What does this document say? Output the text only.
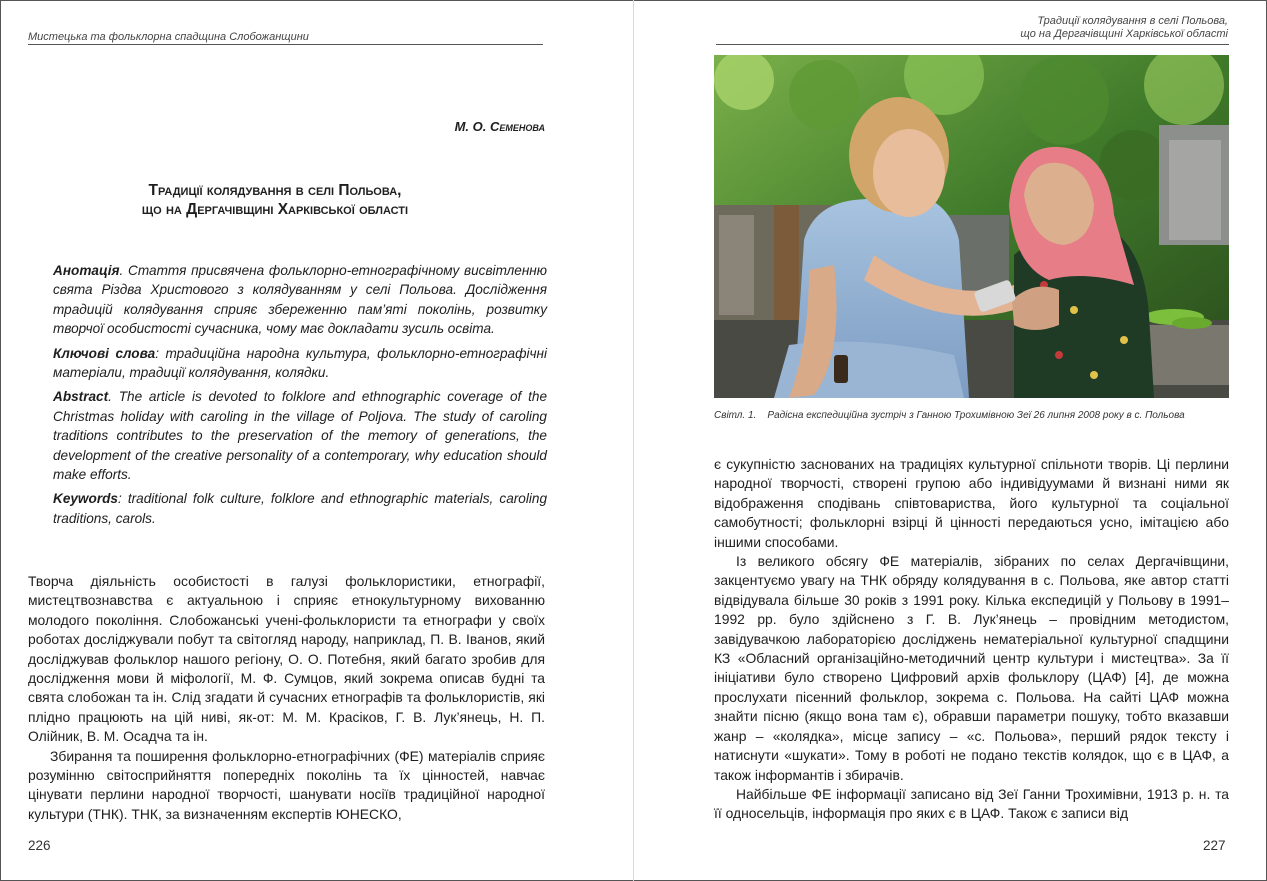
Мистецька та фольклорна спадщина Слобожанщини
М. О. Семенова
Традиції колядування в селі Польова,
що на Дергачівщині Харківської області

Анотація. Стаття присвячена фольклорно-етнографічному висвітленню свята Різдва Христового з колядуванням у селі Польова. Дослідження традицій колядування сприяє збереженню пам’яті поколінь, розвитку творчої особистості сучасника, чому має докладати зусиль освіта.

Ключові слова: традиційна народна культура, фольклорно-етнографічні матеріали, традиції колядування, колядки.

Abstract. The article is devoted to folklore and ethnographic coverage of the Christmas holiday with caroling in the village of Poljova. The study of caroling traditions contributes to the preservation of the memory of generations, the development of the creative personality of a contemporary, why education should make efforts.

Keywords: traditional folk culture, folklore and ethnographic materials, caroling traditions, carols.

Творча діяльність особистості в галузі фольклористики, етнографії, мистецтвознавства є актуальною і сприяє етнокультурному вихованню молодого покоління. Слобожанські учені-фольклористи та етнографи у своїх роботах досліджували побут та світогляд народу, наприклад, П. В. Іванов, який досліджував фольклор нашого регіону, О. О. Потебня, який багато зробив для дослідження мови й міфології, М. Ф. Сумцов, який зокрема описав будні та свята слобожан та ін. Слід згадати й сучасних етнографів та фольклористів, які плідно працюють на цій ниві, як-от: М. М. Красіков, Г. В. Лук’янець, Н. П. Олійник, В. М. Осадча та ін.

Збирання та поширення фольклорно-етнографічних (ФЕ) матеріалів сприяє розумінню світосприйняття попередніх поколінь та їх цінностей, навчає цінувати перлини народної творчості, шанувати носіїв традиційної народної культури (ТНК). ТНК, за визначенням експертів ЮНЕСКО,

226
Традиції колядування в селі Польова,
що на Дергачівщині Харківської області
Світл. 1.    Радісна експедиційна зустріч з Ганною Трохимівною Зеї 26 липня 2008 року в с. Польова

є сукупністю заснованих на традиціях культурної спільноти творів. Ці перлини народної творчості, створені групою або індивідуумами й визнані ними як відображення сподівань співтовариства, його культурної та соціальної самобутності; фольклорні взірці й цінності передаються усно, імітацією або іншими способами.

Із великого обсягу ФЕ матеріалів, зібраних по селах Дергачівщини, закцентуємо увагу на ТНК обряду колядування в с. Польова, яке автор статті відвідувала більше 30 років з 1991 року. Кілька експедицій у Польову в 1991–1992 рр. було здійснено з Г. В. Лук’янець – провідним методистом, завідувачкою лабораторією досліджень нематеріальної культурної спадщини КЗ «Обласний організаційно-методичний центр культури і мистецтва». За її ініціативи було створено Цифровий архів фольклору (ЦАФ) [4], де можна прослухати пісенний фольклор, зокрема с. Польова. На сайті ЦАФ можна знайти пісню (якщо вона там є), обравши параметри пошуку, тобто вказавши жанр – «колядка», місце запису – «с. Польова», перший рядок тексту і натиснути «шукати». Тому в роботі не подано текстів колядок, що є в ЦАФ, а також інформантів і збирачів.

Найбільше ФЕ інформації записано від Зеї Ганни Трохимівни, 1913 р. н. та її односельців, інформація про яких є в ЦАФ. Також є записи від

227
